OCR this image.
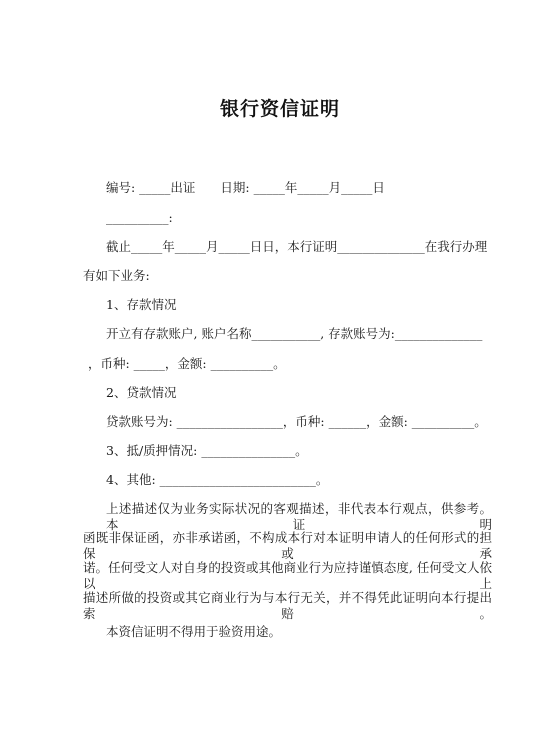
银行资信证明
编号: _____出证　　日期: _____年_____月_____日
__________:
截止_____年_____月_____日日，本行证明______________在我行办理
有如下业务:
1、存款情况
开立有存款账户, 账户名称___________, 存款账号为:______________
，币种: _____，金额: __________。
2、贷款情况
贷款账号为: _________________，币种: ______，金额: __________。
3、抵/质押情况: _______________。
4、其他: _________________________。
上述描述仅为业务实际状况的客观描述，非代表本行观点，供参考。本证明
函既非保证函，亦非承诺函，不构成本行对本证明申请人的任何形式的担保或承
诺。任何受文人对自身的投资或其他商业行为应持谨慎态度, 任何受文人依以上
描述所做的投资或其它商业行为与本行无关，并不得凭此证明向本行提出索赔。
本资信证明不得用于验资用途。
